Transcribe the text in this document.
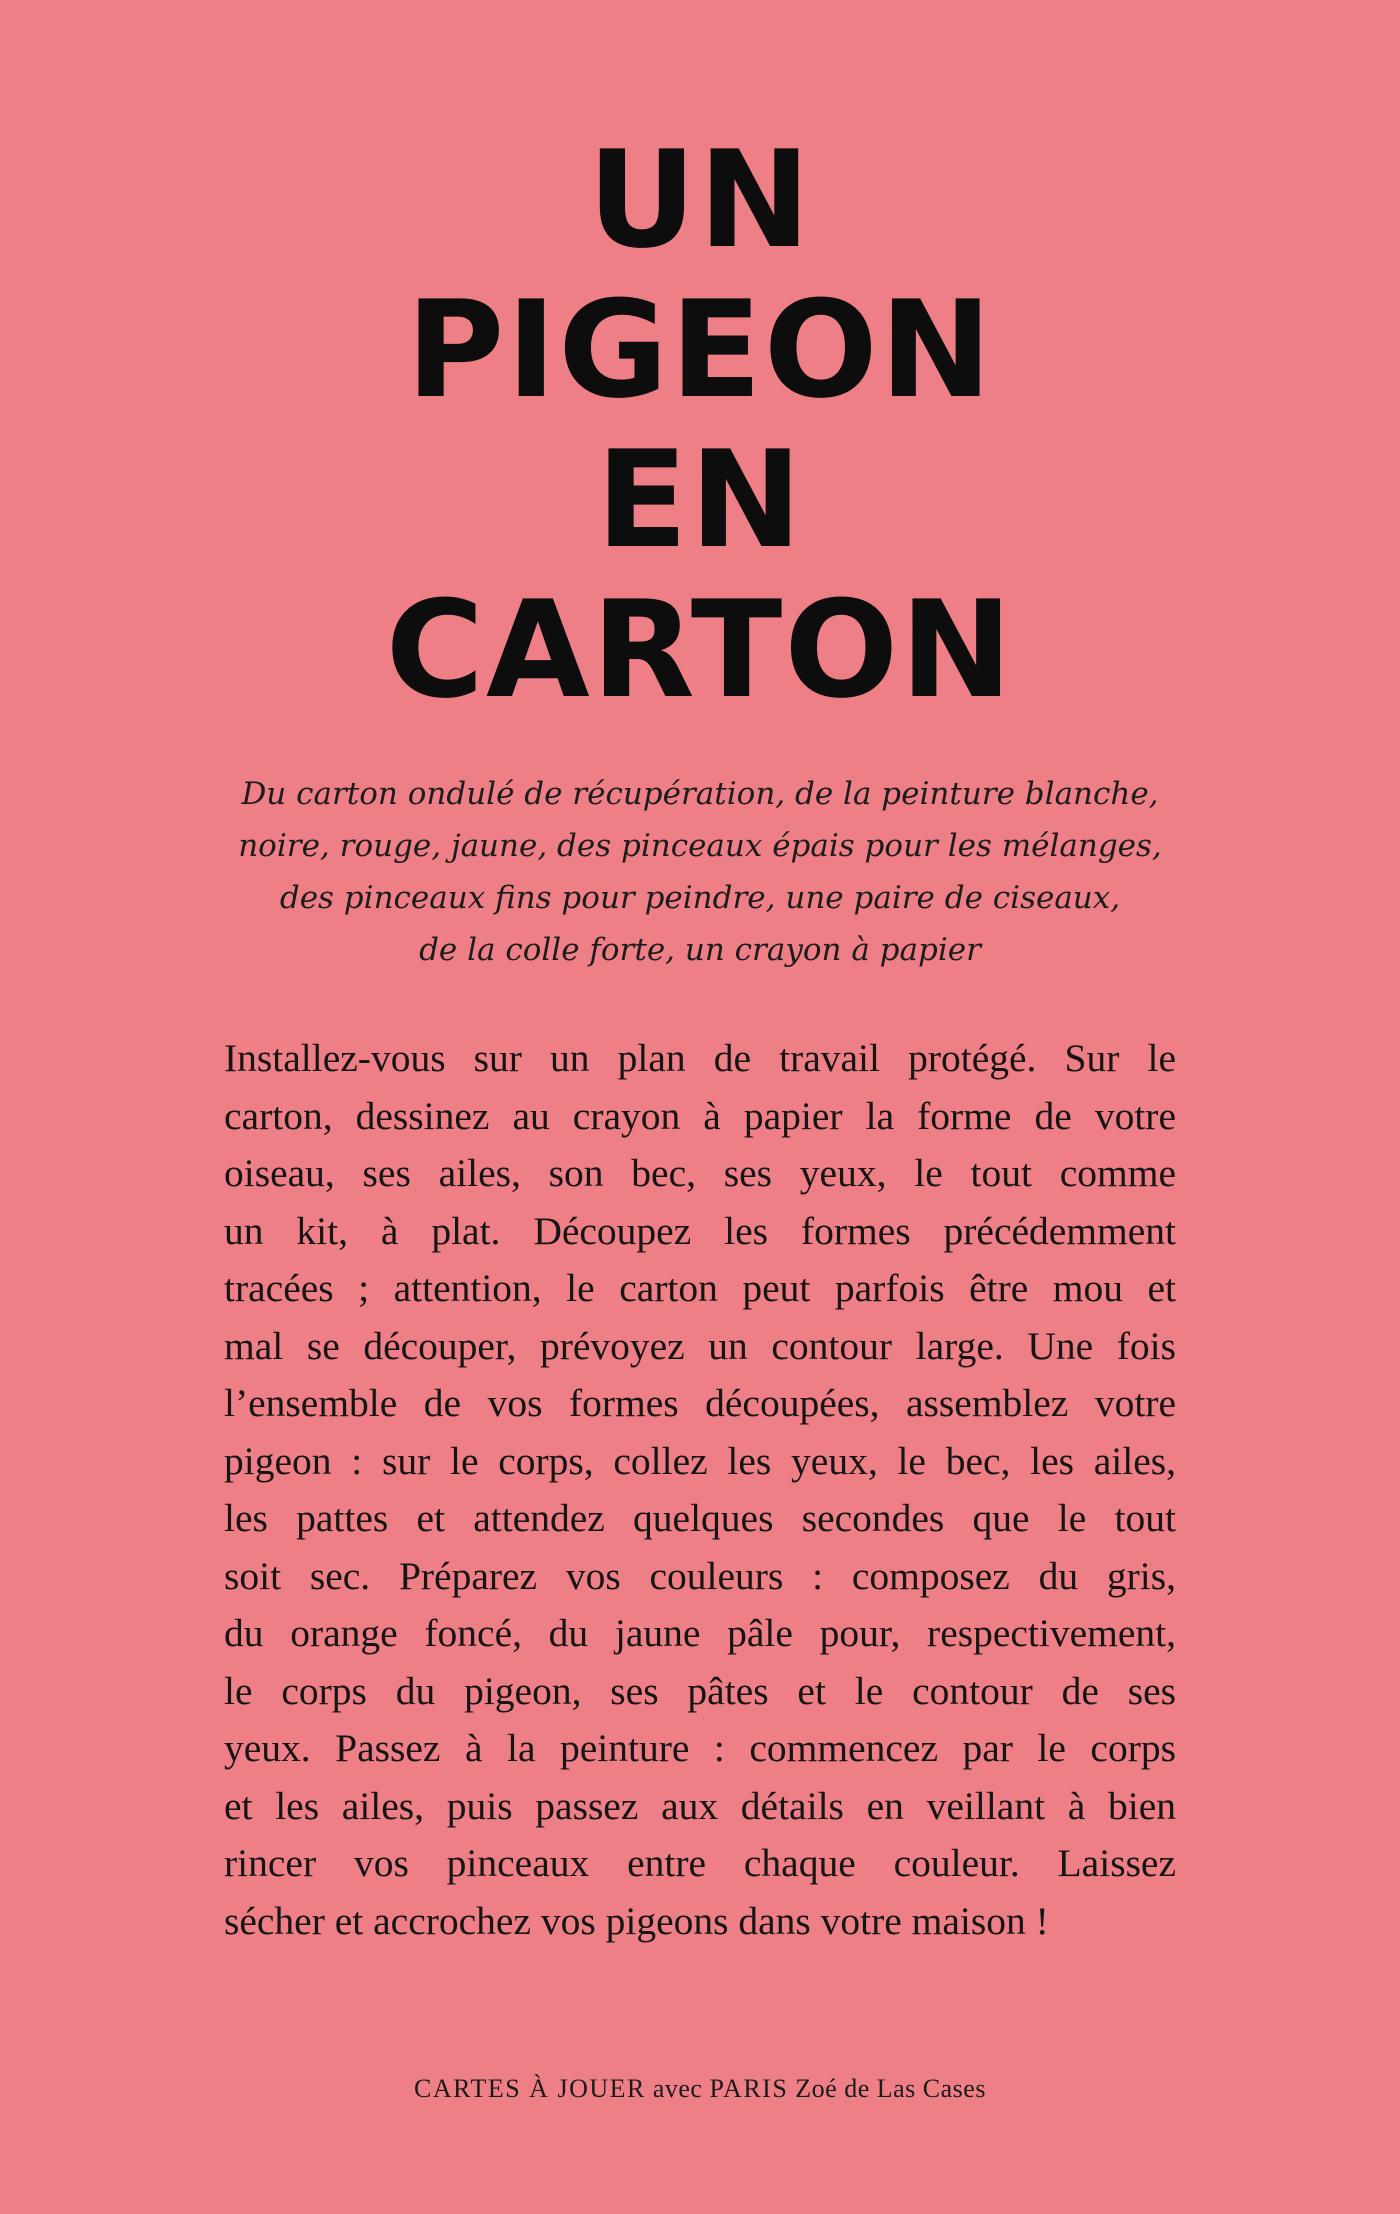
UN
PIGEON
EN
CARTON
Du carton ondulé de récupération, de la peinture blanche,
noire, rouge, jaune, des pinceaux épais pour les mélanges,
des pinceaux fins pour peindre, une paire de ciseaux,
de la colle forte, un crayon à papier
Installez-vous sur un plan de travail protégé. Sur le
carton, dessinez au crayon à papier la forme de votre
oiseau, ses ailes, son bec, ses yeux, le tout comme
un kit, à plat. Découpez les formes précédemment
tracées ; attention, le carton peut parfois être mou et
mal se découper, prévoyez un contour large. Une fois
l’ensemble de vos formes découpées, assemblez votre
pigeon : sur le corps, collez les yeux, le bec, les ailes,
les pattes et attendez quelques secondes que le tout
soit sec. Préparez vos couleurs : composez du gris,
du orange foncé, du jaune pâle pour, respectivement,
le corps du pigeon, ses pâtes et le contour de ses
yeux. Passez à la peinture : commencez par le corps
et les ailes, puis passez aux détails en veillant à bien
rincer vos pinceaux entre chaque couleur. Laissez
sécher et accrochez vos pigeons dans votre maison !
CARTES À JOUER avec PARIS Zoé de Las Cases
